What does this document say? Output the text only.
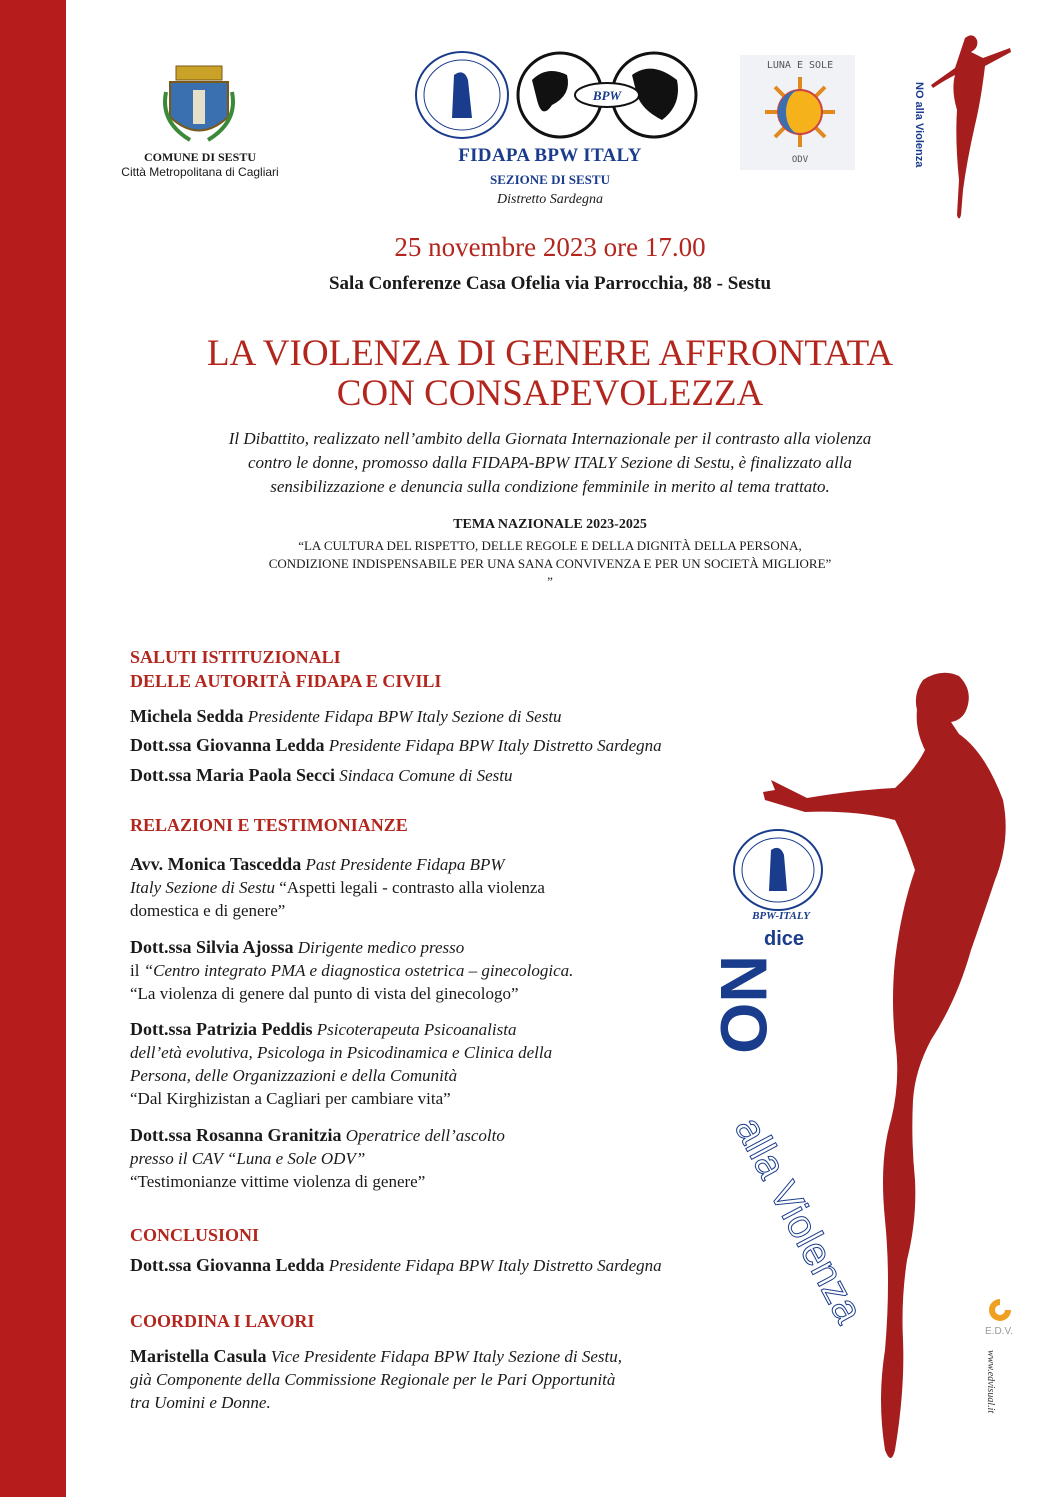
COMUNE DI SESTU
Città Metropolitana di Cagliari
BPW
FIDAPA BPW ITALY
SEZIONE DI SESTU
Distretto Sardegna
LUNA E SOLE
ODV	NO alla Violenza
25 novembre 2023 ore 17.00
Sala Conferenze Casa Ofelia via Parrocchia, 88 - Sestu
LA VIOLENZA DI GENERE AFFRONTATA
CON CONSAPEVOLEZZA
Il Dibattito, realizzato nell’ambito della Giornata Internazionale per il contrasto alla violenza
contro le donne, promosso dalla FIDAPA-BPW ITALY Sezione di Sestu, è finalizzato alla
sensibilizzazione e denuncia sulla condizione femminile in merito al tema trattato.
TEMA NAZIONALE 2023-2025
“LA CULTURA DEL RISPETTO, DELLE REGOLE E DELLA DIGNITÀ DELLA PERSONA,
CONDIZIONE INDISPENSABILE PER UNA SANA CONVIVENZA E PER UN SOCIETÀ MIGLIORE”
”
BPW-ITALY
dice
NO
alla Violenza
SALUTI ISTITUZIONALI
DELLE AUTORITÀ FIDAPA E CIVILI
Michela Sedda Presidente Fidapa BPW Italy Sezione di Sestu
Dott.ssa Giovanna Ledda Presidente Fidapa BPW Italy Distretto Sardegna
Dott.ssa Maria Paola Secci Sindaca Comune di Sestu
RELAZIONI E TESTIMONIANZE
Avv. Monica Tascedda Past Presidente Fidapa BPW
Italy Sezione di Sestu “Aspetti legali - contrasto alla violenza
domestica e di genere”
Dott.ssa Silvia Ajossa Dirigente medico presso
il “Centro integrato PMA e diagnostica ostetrica – ginecologica.
“La violenza di genere dal punto di vista del ginecologo”
Dott.ssa Patrizia Peddis Psicoterapeuta Psicoanalista
dell’età evolutiva, Psicologa in Psicodinamica e Clinica della
Persona, delle Organizzazioni e della Comunità
“Dal Kirghizistan a Cagliari per cambiare vita”
Dott.ssa Rosanna Granitzia Operatrice dell’ascolto
presso il CAV “Luna e Sole ODV”
“Testimonianze vittime violenza di genere”
CONCLUSIONI
Dott.ssa Giovanna Ledda Presidente Fidapa BPW Italy Distretto Sardegna
COORDINA I LAVORI
Maristella Casula Vice Presidente Fidapa BPW Italy Sezione di Sestu,
già Componente della Commissione Regionale per le Pari Opportunità
tra Uomini e Donne.
E.D.V.
www.edvisual.it
